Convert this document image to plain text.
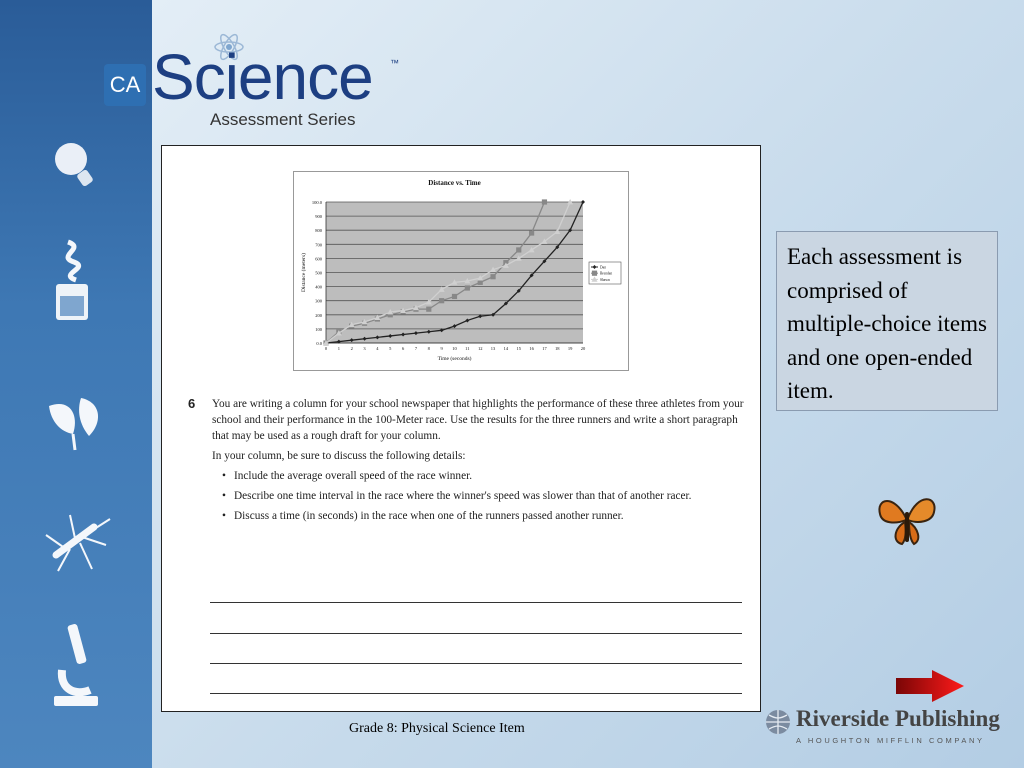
CA Science ™
Assessment Series
Distance vs. Time
0.0
100
200
300
400
500
600
700
800
900
100.0
0 1 2 3 4 5 6 7 8 9 10 11 12 13 14 15 16 17 18 19 20
Time (seconds)
Distance (meters)	Dan
Brendan
Shawn
6 You are writing a column for your school newspaper that highlights the performance of these three athletes from your school and their performance in the 100-Meter race. Use the results for the three runners and write a short paragraph that may be used as a rough draft for your column.

In your column, be sure to discuss the following details:

• Include the average overall speed of the race winner.
• Describe one time interval in the race where the winner's speed was slower than that of another racer.
• Discuss a time (in seconds) in the race when one of the runners passed another runner.
Each assessment is comprised of multiple-choice items and one open-ended item.
Grade 8: Physical Science Item	Riverside Publishing
A HOUGHTON MIFFLIN COMPANY
